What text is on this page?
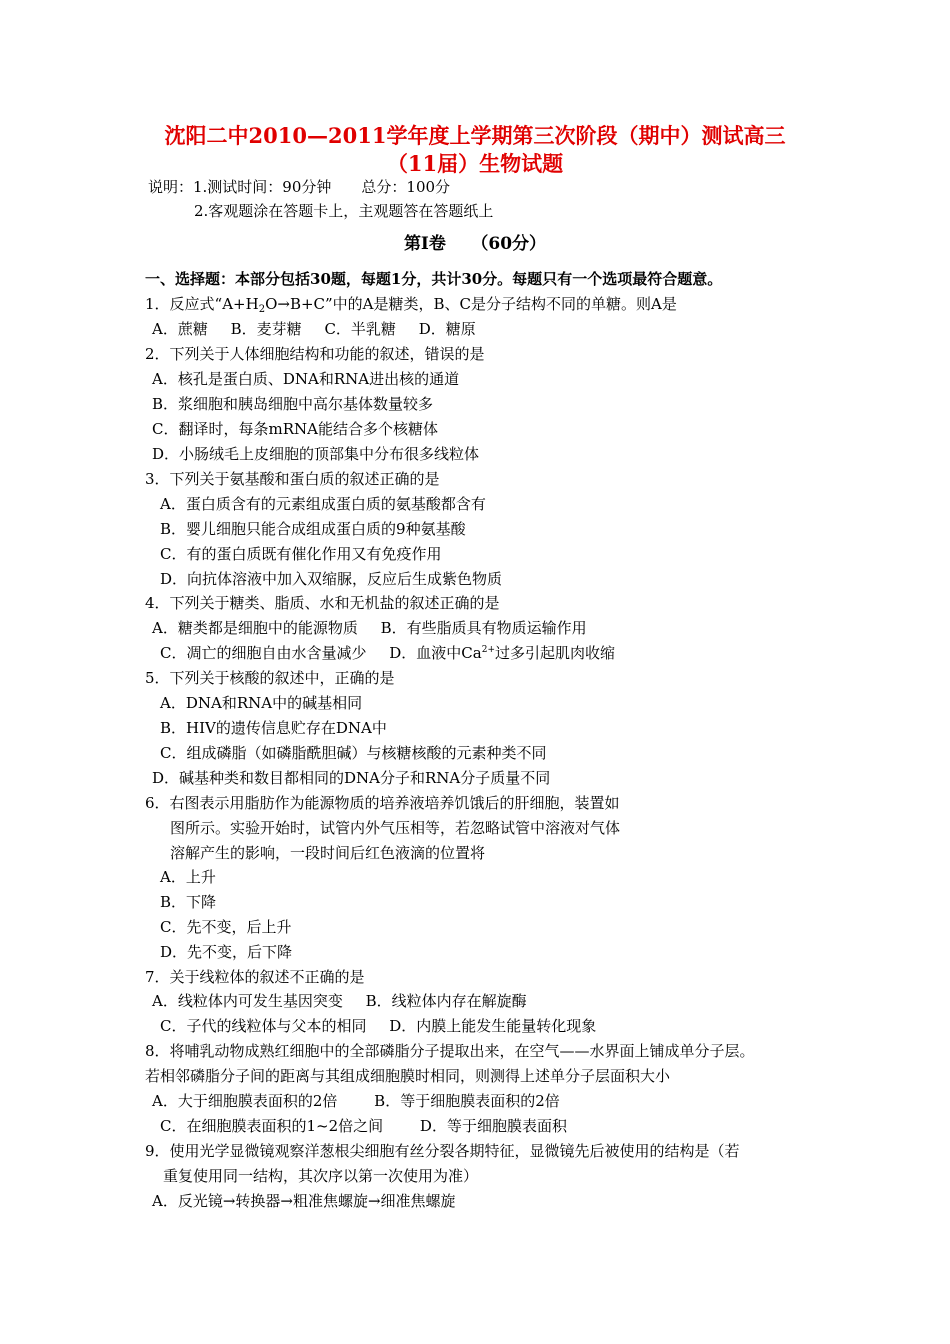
沈阳二中2010—2011学年度上学期第三次阶段（期中）测试高三
（11届）生物试题
说明：1.测试时间：90分钟　　总分：100分
2.客观题涂在答题卡上，主观题答在答题纸上
第Ⅰ卷　　（60分）
一、选择题：本部分包括30题，每题1分，共计30分。每题只有一个选项最符合题意。
1．反应式“$A+H_2O\to B+C$”中的A是糖类，B、C是分子结构不同的单糖。则A是
A．蔗糖 B．麦芽糖 C．半乳糖 D．糖原
2．下列关于人体细胞结构和功能的叙述，错误的是
A．核孔是蛋白质、DNA和RNA进出核的通道
B．浆细胞和胰岛细胞中高尔基体数量较多
C．翻译时，每条mRNA能结合多个核糖体
D．小肠绒毛上皮细胞的顶部集中分布很多线粒体
3．下列关于氨基酸和蛋白质的叙述正确的是
A．蛋白质含有的元素组成蛋白质的氨基酸都含有
B．婴儿细胞只能合成组成蛋白质的9种氨基酸
C．有的蛋白质既有催化作用又有免疫作用
D．向抗体溶液中加入双缩脲，反应后生成紫色物质
4．下列关于糖类、脂质、水和无机盐的叙述正确的是
A．糖类都是细胞中的能源物质 B．有些脂质具有物质运输作用
C．凋亡的细胞自由水含量减少 D．血液中$Ca^{2+}$过多引起肌肉收缩
5．下列关于核酸的叙述中，正确的是
A．DNA和RNA中的碱基相同
B．HIV的遗传信息贮存在DNA中
C．组成磷脂（如磷脂酰胆碱）与核糖核酸的元素种类不同
D．碱基种类和数目都相同的DNA分子和RNA分子质量不同
6．右图表示用脂肪作为能源物质的培养液培养饥饿后的肝细胞，装置如
图所示。实验开始时，试管内外气压相等，若忽略试管中溶液对气体
溶解产生的影响，一段时间后红色液滴的位置将
A．上升
B．下降
C．先不变，后上升
D．先不变，后下降
7．关于线粒体的叙述不正确的是
A．线粒体内可发生基因突变 B．线粒体内存在解旋酶
C．子代的线粒体与父本的相同 D．内膜上能发生能量转化现象
8．将哺乳动物成熟红细胞中的全部磷脂分子提取出来，在空气——水界面上铺成单分子层。
若相邻磷脂分子间的距离与其组成细胞膜时相同，则测得上述单分子层面积大小
A．大于细胞膜表面积的2倍 B．等于细胞膜表面积的2倍
C．在细胞膜表面积的1~2倍之间 D．等于细胞膜表面积
9．使用光学显微镜观察洋葱根尖细胞有丝分裂各期特征，显微镜先后被使用的结构是（若
重复使用同一结构，其次序以第一次使用为准）
A．反光镜→转换器→粗准焦螺旋→细准焦螺旋
